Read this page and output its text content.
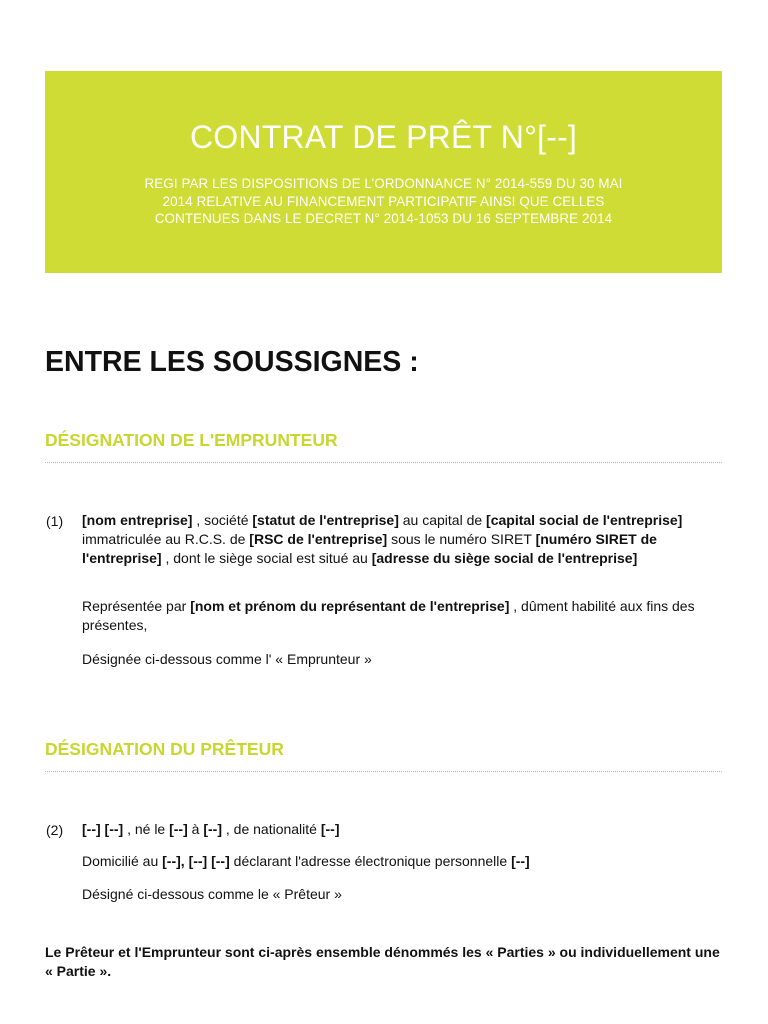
CONTRAT DE PRÊT N°[--]
REGI PAR LES DISPOSITIONS DE L’ORDONNANCE N° 2014-559 DU 30 MAI
2014 RELATIVE AU FINANCEMENT PARTICIPATIF AINSI QUE CELLES
CONTENUES DANS LE DECRET N° 2014-1053 DU 16 SEPTEMBRE 2014
ENTRE LES SOUSSIGNES :
DÉSIGNATION DE L'EMPRUNTEUR
(1) [nom entreprise] , société [statut de l'entreprise] au capital de [capital social de l'entreprise] immatriculée au R.C.S. de [RSC de l'entreprise] sous le numéro SIRET [numéro SIRET de l'entreprise] , dont le siège social est situé au [adresse du siège social de l'entreprise]
Représentée par [nom et prénom du représentant de l'entreprise] , dûment habilité aux fins des présentes,
Désignée ci-dessous comme l' « Emprunteur »
DÉSIGNATION DU PRÊTEUR
(2) [--] [--] , né le [--] à [--] , de nationalité [--]
Domicilié au [--], [--] [--] déclarant l'adresse électronique personnelle [--]
Désigné ci-dessous comme le « Prêteur »
Le Prêteur et l'Emprunteur sont ci-après ensemble dénommés les « Parties » ou individuellement une « Partie ».
